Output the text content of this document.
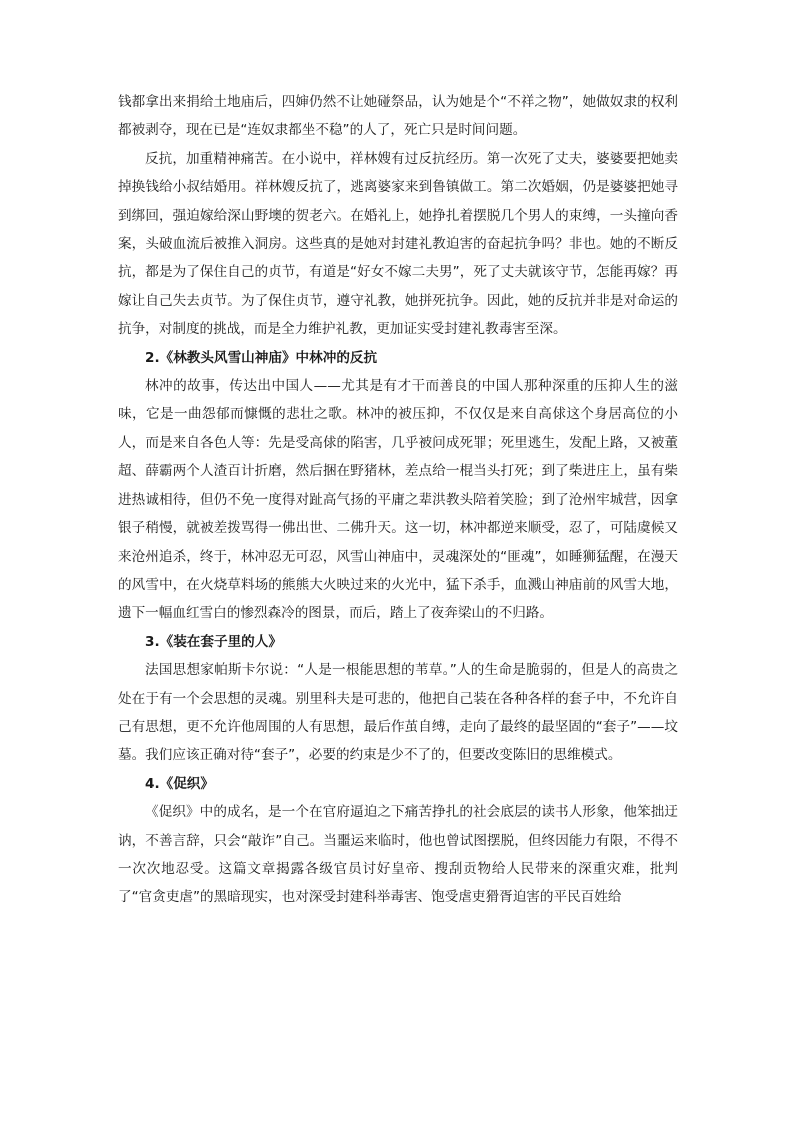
钱都拿出来捐给土地庙后，四婶仍然不让她碰祭品，认为她是个“不祥之物”，她做奴隶的权利都被剥夺，现在已是“连奴隶都坐不稳”的人了，死亡只是时间问题。

反抗，加重精神痛苦。在小说中，祥林嫂有过反抗经历。第一次死了丈夫，婆婆要把她卖掉换钱给小叔结婚用。祥林嫂反抗了，逃离婆家来到鲁镇做工。第二次婚姻，仍是婆婆把她寻到绑回，强迫嫁给深山野墺的贺老六。在婚礼上，她挣扎着摆脱几个男人的束缚，一头撞向香案，头破血流后被推入洞房。这些真的是她对封建礼教迫害的奋起抗争吗？非也。她的不断反抗，都是为了保住自己的贞节，有道是“好女不嫁二夫男”，死了丈夫就该守节，怎能再嫁？再嫁让自己失去贞节。为了保住贞节，遵守礼教，她拼死抗争。因此，她的反抗并非是对命运的抗争，对制度的挑战，而是全力维护礼教，更加证实受封建礼教毒害至深。

2.《林教头风雪山神庙》中林冲的反抗

林冲的故事，传达出中国人——尤其是有才干而善良的中国人那种深重的压抑人生的滋味，它是一曲怨郁而慷慨的悲壮之歌。林冲的被压抑，不仅仅是来自高俅这个身居高位的小人，而是来自各色人等：先是受高俅的陷害，几乎被问成死罪；死里逃生，发配上路，又被董超、薛霸两个人渣百计折磨，然后捆在野猪林，差点给一棍当头打死；到了柴进庄上，虽有柴进热诚相待，但仍不免一度得对趾高气扬的平庸之辈洪教头陪着笑脸；到了沧州牢城营，因拿银子稍慢，就被差拨骂得一佛出世、二佛升天。这一切，林冲都逆来顺受，忍了，可陆虞候又来沧州追杀，终于，林冲忍无可忍，风雪山神庙中，灵魂深处的“匪魂”，如睡狮猛醒，在漫天的风雪中，在火烧草料场的熊熊大火映过来的火光中，猛下杀手，血溅山神庙前的风雪大地，遗下一幅血红雪白的惨烈森冷的图景，而后，踏上了夜奔梁山的不归路。

3.《装在套子里的人》

法国思想家帕斯卡尔说：“人是一根能思想的苇草。”人的生命是脆弱的，但是人的高贵之处在于有一个会思想的灵魂。别里科夫是可悲的，他把自己装在各种各样的套子中，不允许自己有思想，更不允许他周围的人有思想，最后作茧自缚，走向了最终的最坚固的“套子”——坟墓。我们应该正确对待“套子”，必要的约束是少不了的，但要改变陈旧的思维模式。

4.《促织》

《促织》中的成名，是一个在官府逼迫之下痛苦挣扎的社会底层的读书人形象，他笨拙迂讷，不善言辞，只会“敲诈”自己。当噩运来临时，他也曾试图摆脱，但终因能力有限，不得不一次次地忍受。这篇文章揭露各级官员讨好皇帝、搜刮贡物给人民带来的深重灾难，批判了“官贪吏虐”的黑暗现实，也对深受封建科举毒害、饱受虐吏猾胥迫害的平民百姓给
